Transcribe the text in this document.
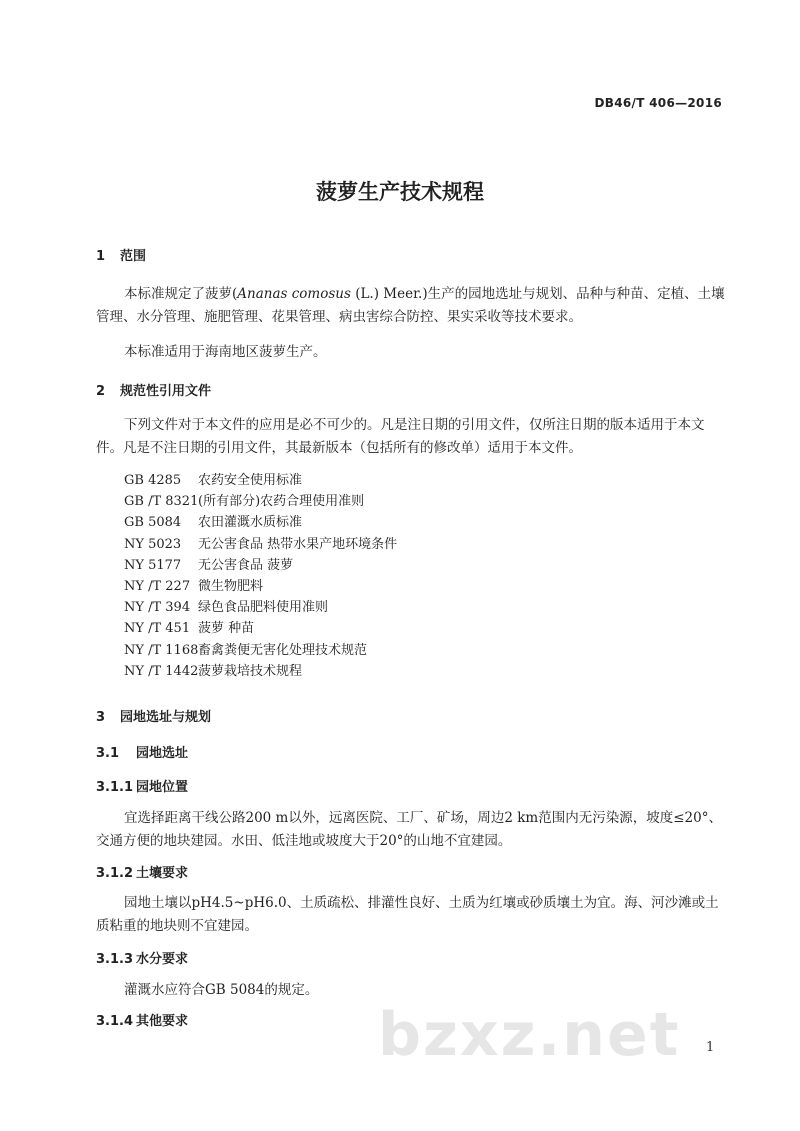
DB46/T 406—2016
菠萝生产技术规程
1 范围
本标准规定了菠萝(Ananas comosus (L.) Meer.)生产的园地选址与规划、品种与种苗、定植、土壤管理、水分管理、施肥管理、花果管理、病虫害综合防控、果实采收等技术要求。
本标准适用于海南地区菠萝生产。
2 规范性引用文件
下列文件对于本文件的应用是必不可少的。凡是注日期的引用文件，仅所注日期的版本适用于本文件。凡是不注日期的引用文件，其最新版本（包括所有的修改单）适用于本文件。
GB 4285 农药安全使用标准
GB /T 8321(所有部分)农药合理使用准则
GB 5084 农田灌溉水质标准
NY 5023 无公害食品 热带水果产地环境条件
NY 5177 无公害食品 菠萝
NY /T 227 微生物肥料
NY /T 394 绿色食品肥料使用准则
NY /T 451 菠萝 种苗
NY /T 1168畜禽粪便无害化处理技术规范
NY /T 1442菠萝栽培技术规程
3 园地选址与规划
3.1 园地选址
3.1.1 园地位置
宜选择距离干线公路200 m以外，远离医院、工厂、矿场，周边2 km范围内无污染源，坡度≤20°、交通方便的地块建园。水田、低洼地或坡度大于20°的山地不宜建园。
3.1.2 土壤要求
园地土壤以pH4.5~pH6.0、土质疏松、排灌性良好、土质为红壤或砂质壤土为宜。海、河沙滩或土质粘重的地块则不宜建园。
3.1.3 水分要求
灌溉水应符合GB 5084的规定。
3.1.4 其他要求	bzxz.net 1
